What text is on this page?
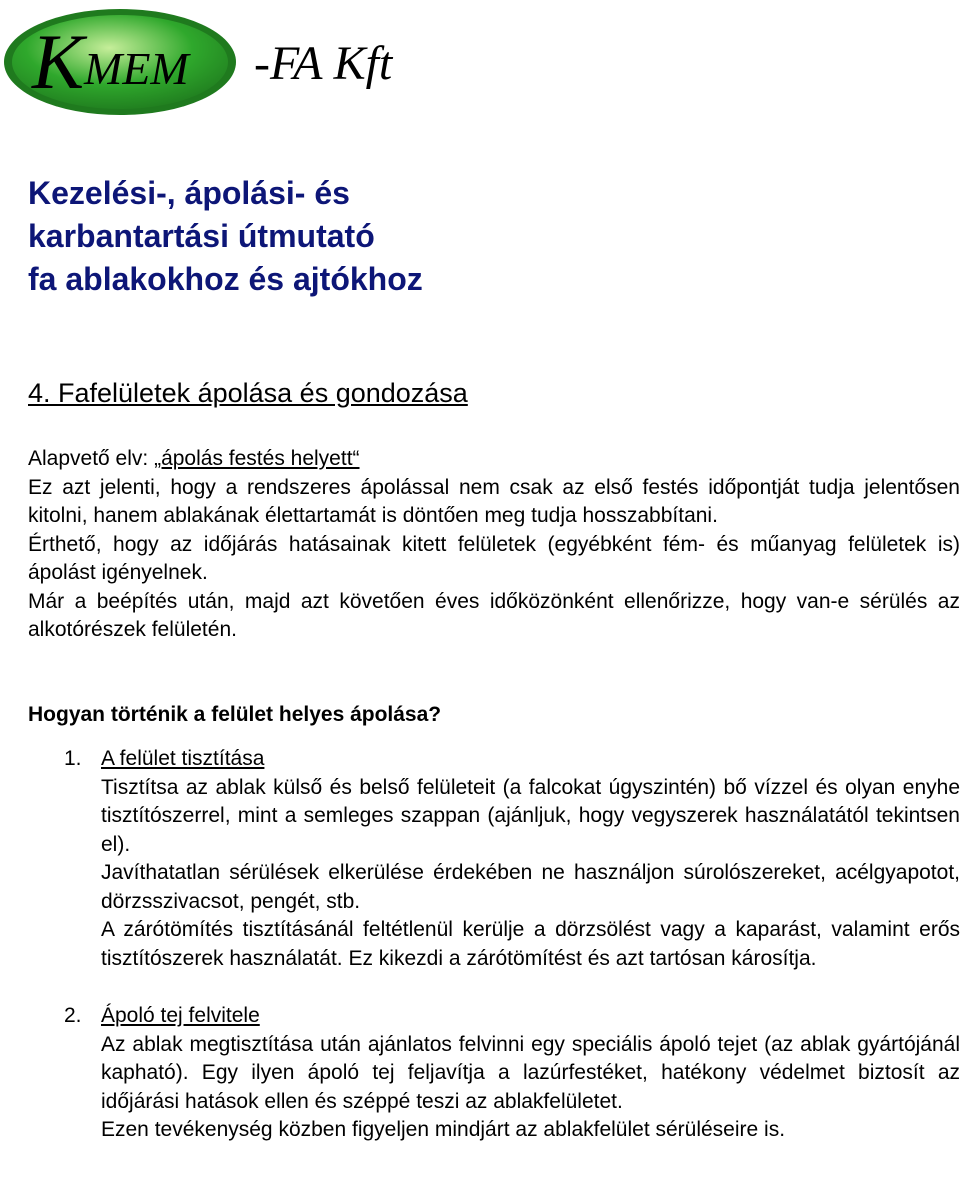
K MEM -FA Kft
Kezelési-, ápolási- és
karbantartási útmutató
fa ablakokhoz és ajtókhoz
4. Fafelületek ápolása és gondozása

Alapvető elv: „ápolás festés helyett“

Ez azt jelenti, hogy a rendszeres ápolással nem csak az első festés időpontját tudja jelentősen kitolni, hanem ablakának élettartamát is döntően meg tudja hosszabbítani.

Érthető, hogy az időjárás hatásainak kitett felületek (egyébként fém- és műanyag felületek is) ápolást igényelnek.

Már a beépítés után, majd azt követően éves időközönként ellenőrizze, hogy van-e sérülés az alkotórészek felületén.

Hogyan történik a felület helyes ápolása?
1. A felület tisztítása

Tisztítsa az ablak külső és belső felületeit (a falcokat úgyszintén) bő vízzel és olyan enyhe tisztítószerrel, mint a semleges szappan (ajánljuk, hogy vegyszerek használatától tekintsen el).

Javíthatatlan sérülések elkerülése érdekében ne használjon súrolószereket, acélgyapotot, dörzsszivacsot, pengét, stb.

A zárótömítés tisztításánál feltétlenül kerülje a dörzsölést vagy a kaparást, valamint erős tisztítószerek használatát. Ez kikezdi a zárótömítést és azt tartósan károsítja.

2. Ápoló tej felvitele

Az ablak megtisztítása után ajánlatos felvinni egy speciális ápoló tejet (az ablak gyártójánál kapható). Egy ilyen ápoló tej feljavítja a lazúrfestéket, hatékony védelmet biztosít az időjárási hatások ellen és széppé teszi az ablakfelületet.

Ezen tevékenység közben figyeljen mindjárt az ablakfelület sérüléseire is.
